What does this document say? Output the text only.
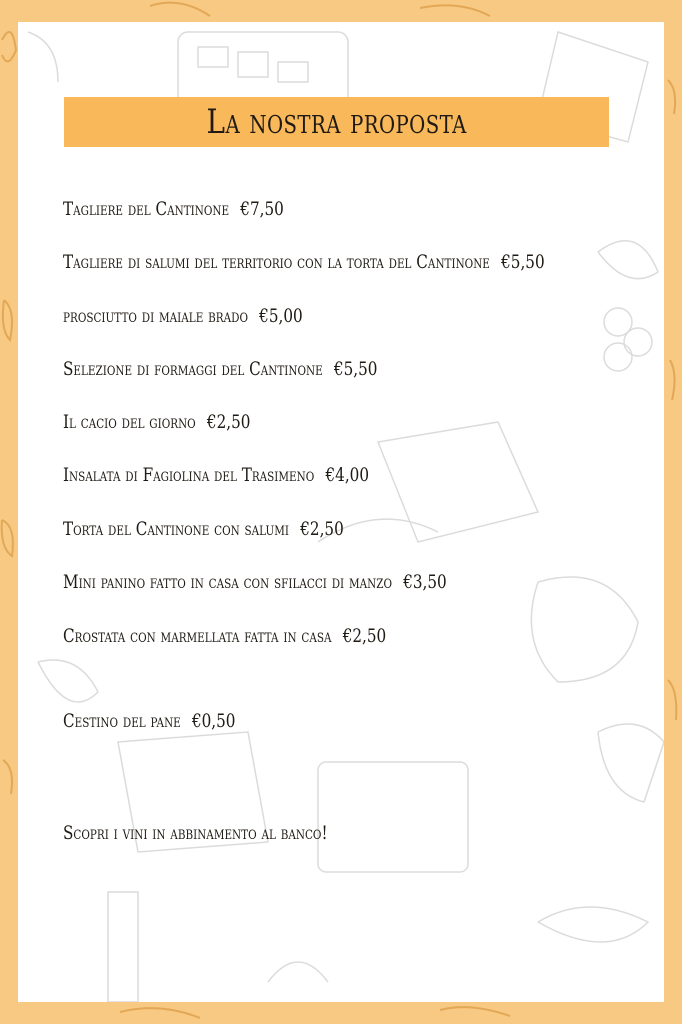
La nostra proposta
Tagliere del Cantinone €7,50
Tagliere di salumi del territorio con la torta del Cantinone €5,50
prosciutto di maiale brado €5,00
Selezione di formaggi del Cantinone €5,50
Il cacio del giorno €2,50
Insalata di Fagiolina del Trasimeno €4,00
Torta del Cantinone con salumi €2,50
Mini panino fatto in casa con sfilacci di manzo €3,50
Crostata con marmellata fatta in casa €2,50
Cestino del pane €0,50
Scopri i vini in abbinamento al banco!
